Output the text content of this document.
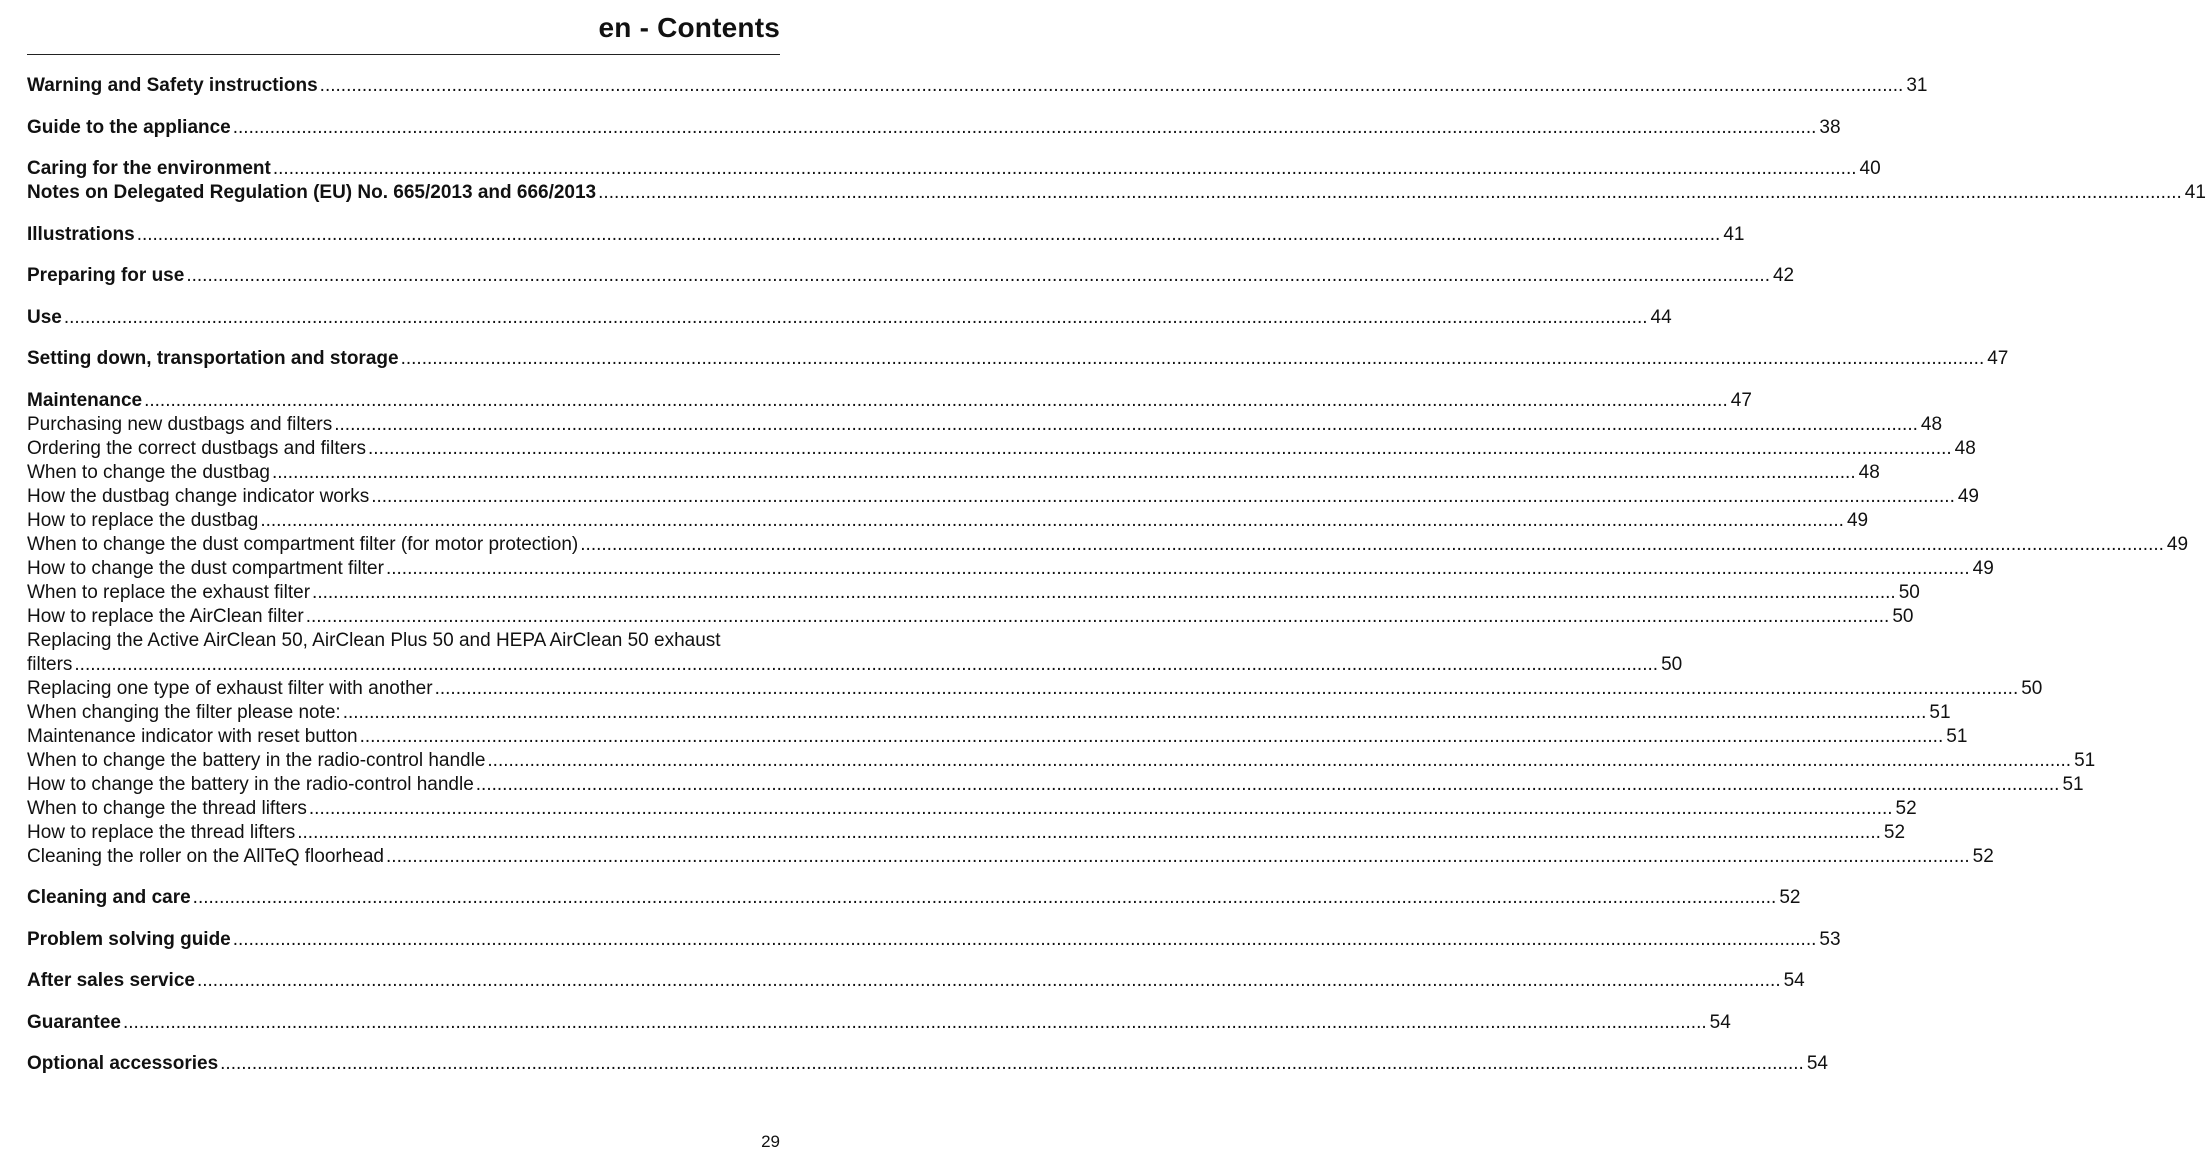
en - Contents
Warning and Safety instructions ............................................................................................................................................................................................................................................................................................................ 31
Guide to the appliance ............................................................................................................................................................................................................................................................................................................ 38
Caring for the environment ............................................................................................................................................................................................................................................................................................................ 40
Notes on Delegated Regulation (EU) No. 665/2013 and 666/2013 ............................................................................................................................................................................................................................................................................................................ 41
Illustrations ............................................................................................................................................................................................................................................................................................................ 41
Preparing for use ............................................................................................................................................................................................................................................................................................................ 42
Use ............................................................................................................................................................................................................................................................................................................ 44
Setting down, transportation and storage ............................................................................................................................................................................................................................................................................................................ 47
Maintenance ............................................................................................................................................................................................................................................................................................................ 47
Purchasing new dustbags and filters ............................................................................................................................................................................................................................................................................................................ 48
Ordering the correct dustbags and filters ............................................................................................................................................................................................................................................................................................................ 48
When to change the dustbag ............................................................................................................................................................................................................................................................................................................ 48
How the dustbag change indicator works ............................................................................................................................................................................................................................................................................................................ 49
How to replace the dustbag ............................................................................................................................................................................................................................................................................................................ 49
When to change the dust compartment filter (for motor protection) ............................................................................................................................................................................................................................................................................................................ 49
How to change the dust compartment filter ............................................................................................................................................................................................................................................................................................................ 49
When to replace the exhaust filter ............................................................................................................................................................................................................................................................................................................ 50
How to replace the AirClean filter ............................................................................................................................................................................................................................................................................................................ 50
Replacing the Active AirClean 50, AirClean Plus 50 and HEPA AirClean 50 exhaust
filters ............................................................................................................................................................................................................................................................................................................ 50
Replacing one type of exhaust filter with another ............................................................................................................................................................................................................................................................................................................ 50
When changing the filter please note: ............................................................................................................................................................................................................................................................................................................ 51
Maintenance indicator with reset button ............................................................................................................................................................................................................................................................................................................ 51
When to change the battery in the radio-control handle ............................................................................................................................................................................................................................................................................................................ 51
How to change the battery in the radio-control handle ............................................................................................................................................................................................................................................................................................................ 51
When to change the thread lifters ............................................................................................................................................................................................................................................................................................................ 52
How to replace the thread lifters ............................................................................................................................................................................................................................................................................................................ 52
Cleaning the roller on the AllTeQ floorhead ............................................................................................................................................................................................................................................................................................................ 52
Cleaning and care ............................................................................................................................................................................................................................................................................................................ 52
Problem solving guide ............................................................................................................................................................................................................................................................................................................ 53
After sales service ............................................................................................................................................................................................................................................................................................................ 54
Guarantee ............................................................................................................................................................................................................................................................................................................ 54
Optional accessories ............................................................................................................................................................................................................................................................................................................ 54
29
